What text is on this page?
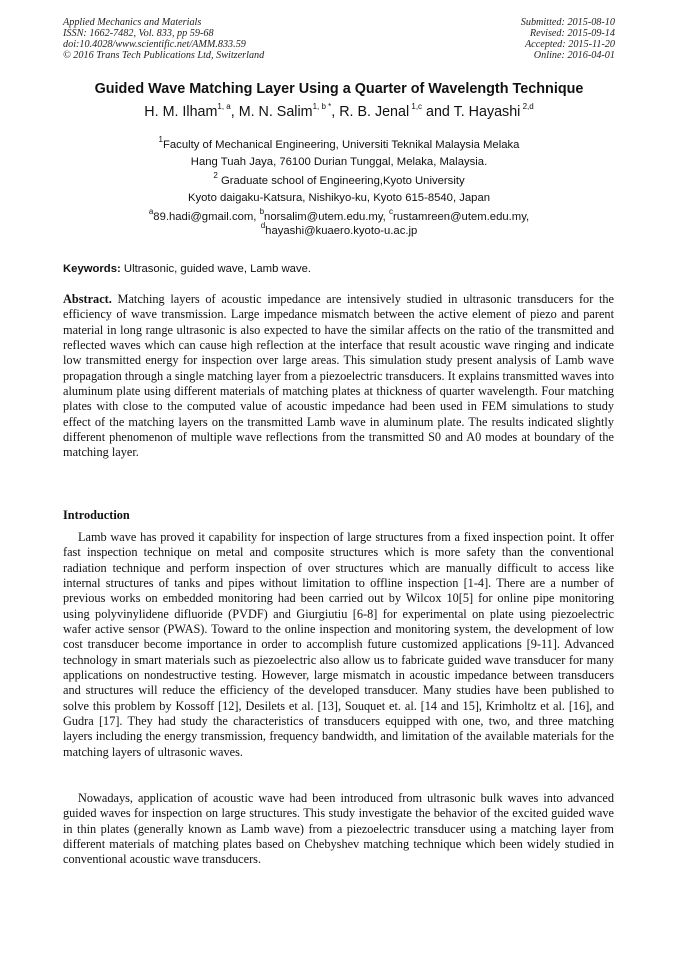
Applied Mechanics and Materials
ISSN: 1662-7482, Vol. 833, pp 59-68
doi:10.4028/www.scientific.net/AMM.833.59
© 2016 Trans Tech Publications Ltd, Switzerland
Submitted: 2015-08-10
Revised: 2015-09-14
Accepted: 2015-11-20
Online: 2016-04-01
Guided Wave Matching Layer Using a Quarter of Wavelength Technique
H. M. Ilham$^{1, a}$, M. N. Salim$^{1, b *}$, R. B. Jenal $^{1,c}$ and T. Hayashi $^{2,d}$
$^1$Faculty of Mechanical Engineering, Universiti Teknikal Malaysia Melaka
Hang Tuah Jaya, 76100 Durian Tunggal, Melaka, Malaysia.
$^2$ Graduate school of Engineering,Kyoto University
Kyoto daigaku-Katsura, Nishikyo-ku, Kyoto 615-8540, Japan
$^a$89.hadi@gmail.com, $^b$norsalim@utem.edu.my, $^c$rustamreen@utem.edu.my,
$^d$hayashi@kuaero.kyoto-u.ac.jp
Keywords: Ultrasonic, guided wave, Lamb wave.
Abstract. Matching layers of acoustic impedance are intensively studied in ultrasonic transducers for the efficiency of wave transmission. Large impedance mismatch between the active element of piezo and parent material in long range ultrasonic is also expected to have the similar affects on the ratio of the transmitted and reflected waves which can cause high reflection at the interface that result acoustic wave ringing and indicate low transmitted energy for inspection over large areas. This simulation study present analysis of Lamb wave propagation through a single matching layer from a piezoelectric transducers. It explains transmitted waves into aluminum plate using different materials of matching plates at thickness of quarter wavelength. Four matching plates with close to the computed value of acoustic impedance had been used in FEM simulations to study effect of the matching layers on the transmitted Lamb wave in aluminum plate. The results indicated slightly different phenomenon of multiple wave reflections from the transmitted S0 and A0 modes at boundary of the matching layer.
Introduction
Lamb wave has proved it capability for inspection of large structures from a fixed inspection point. It offer fast inspection technique on metal and composite structures which is more safety than the conventional radiation technique and perform inspection of over structures which are manually difficult to access like internal structures of tanks and pipes without limitation to offline inspection [1-4]. There are a number of previous works on embedded monitoring had been carried out by Wilcox 10[5] for online pipe monitoring using polyvinylidene difluoride (PVDF) and Giurgiutiu [6-8] for experimental on plate using piezoelectric wafer active sensor (PWAS). Toward to the online inspection and monitoring system, the development of low cost transducer become importance in order to accomplish future customized applications [9-11]. Advanced technology in smart materials such as piezoelectric also allow us to fabricate guided wave transducer for many applications on nondestructive testing. However, large mismatch in acoustic impedance between transducers and structures will reduce the efficiency of the developed transducer. Many studies have been published to solve this problem by Kossoff [12], Desilets et al. [13], Souquet et. al. [14 and 15], Krimholtz et al. [16], and Gudra [17]. They had study the characteristics of transducers equipped with one, two, and three matching layers including the energy transmission, frequency bandwidth, and limitation of the available materials for the matching layers of ultrasonic waves.
Nowadays, application of acoustic wave had been introduced from ultrasonic bulk waves into advanced guided waves for inspection on large structures. This study investigate the behavior of the excited guided wave in thin plates (generally known as Lamb wave) from a piezoelectric transducer using a matching layer from different materials of matching plates based on Chebyshev matching technique which been widely studied in conventional acoustic wave transducers.
